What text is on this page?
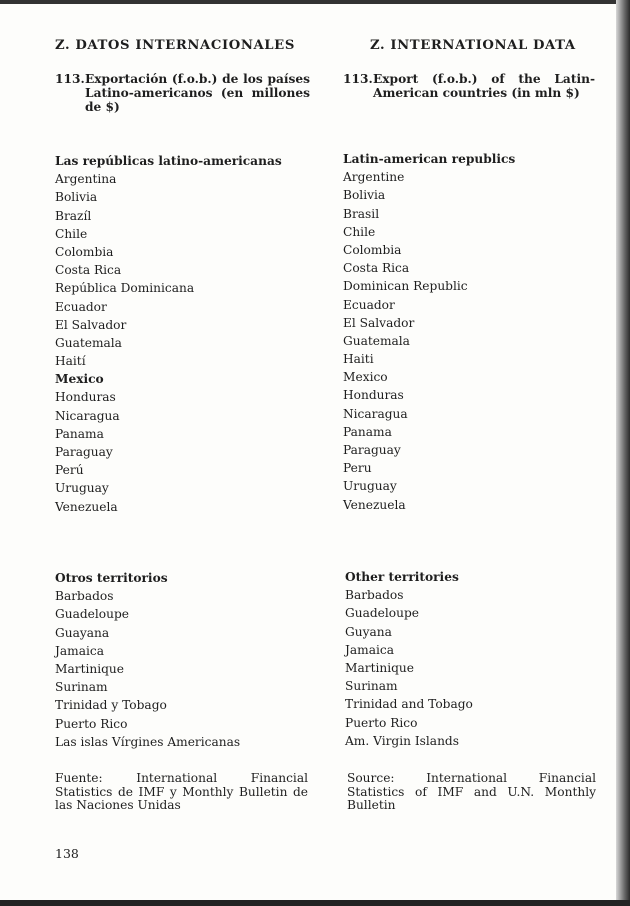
Z. DATOS INTERNACIONALES	Z. INTERNATIONAL DATA
113. Exportación (f.o.b.) de los países Latino-americanos (en millones de $)
113. Export (f.o.b.) of the Latin-American countries (in mln $)
Las repúblicas latino-americanas
Argentina
Bolivia
Brazíl
Chile
Colombia
Costa Rica
República Dominicana
Ecuador
El Salvador
Guatemala
Haití
Mexico
Honduras
Nicaragua
Panama
Paraguay
Perú
Uruguay
Venezuela
Latin-american republics
Argentine
Bolivia
Brasil
Chile
Colombia
Costa Rica
Dominican Republic
Ecuador
El Salvador
Guatemala
Haiti
Mexico
Honduras
Nicaragua
Panama
Paraguay
Peru
Uruguay
Venezuela
Otros territorios
Barbados
Guadeloupe
Guayana
Jamaica
Martinique
Surinam
Trinidad y Tobago
Puerto Rico
Las islas Vírgines Americanas
Other territories
Barbados
Guadeloupe
Guyana
Jamaica
Martinique
Surinam
Trinidad and Tobago
Puerto Rico
Am. Virgin Islands
Fuente: International Financial Statistics de IMF y Monthly Bulletin de las Naciones Unidas
Source: International Financial Statistics of IMF and U.N. Monthly Bulletin
138
